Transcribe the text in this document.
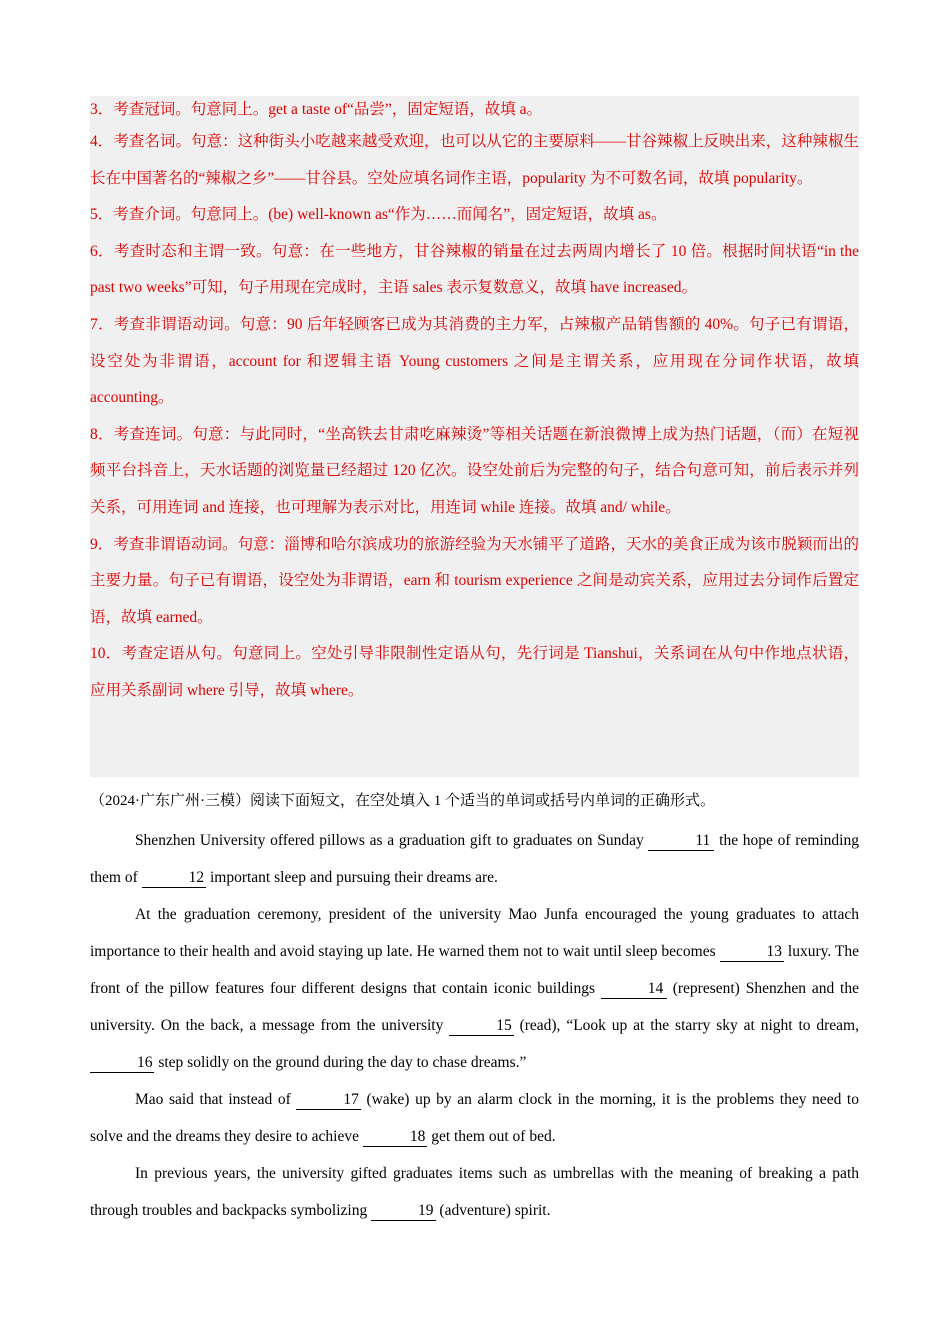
3．考查冠词。句意同上。get a taste of“品尝”，固定短语，故填 a。

4．考查名词。句意：这种街头小吃越来越受欢迎，也可以从它的主要原料——甘谷辣椒上反映出来，这种辣椒生长在中国著名的“辣椒之乡”——甘谷县。空处应填名词作主语，popularity 为不可数名词，故填 popularity。

5．考查介词。句意同上。(be) well-known as“作为……而闻名”，固定短语，故填 as。

6．考查时态和主谓一致。句意：在一些地方，甘谷辣椒的销量在过去两周内增长了 10 倍。根据时间状语“in the past two weeks”可知，句子用现在完成时，主语 sales 表示复数意义，故填 have increased。

7．考查非谓语动词。句意：90 后年轻顾客已成为其消费的主力军，占辣椒产品销售额的 40%。句子已有谓语，设空处为非谓语，account for 和逻辑主语 Young customers 之间是主谓关系，应用现在分词作状语，故填 accounting。

8．考查连词。句意：与此同时，“坐高铁去甘肃吃麻辣烫”等相关话题在新浪微博上成为热门话题，（而）在短视频平台抖音上，天水话题的浏览量已经超过 120 亿次。设空处前后为完整的句子，结合句意可知，前后表示并列关系，可用连词 and 连接，也可理解为表示对比，用连词 while 连接。故填 and/ while。

9．考查非谓语动词。句意：淄博和哈尔滨成功的旅游经验为天水铺平了道路，天水的美食正成为该市脱颖而出的主要力量。句子已有谓语，设空处为非谓语，earn 和 tourism experience 之间是动宾关系，应用过去分词作后置定语，故填 earned。

10．考查定语从句。句意同上。空处引导非限制性定语从句，先行词是 Tianshui，关系词在从句中作地点状语，应用关系副词 where 引导，故填 where。

（2024·广东广州·三模）阅读下面短文，在空处填入 1 个适当的单词或括号内单词的正确形式。

Shenzhen University offered pillows as a graduation gift to graduates on Sunday	11 the hope of reminding them of	12 important sleep and pursuing their dreams are.

At the graduation ceremony, president of the university Mao Junfa encouraged the young graduates to attach importance to their health and avoid staying up late. He warned them not to wait until sleep becomes	13 luxury. The front of the pillow features four different designs that contain iconic buildings	14 (represent) Shenzhen and the university. On the back, a message from the university	15 (read), “Look up at the starry sky at night to dream, 16 step solidly on the ground during the day to chase dreams.”

Mao said that instead of	17 (wake) up by an alarm clock in the morning, it is the problems they need to solve and the dreams they desire to achieve	18 get them out of bed.

In previous years, the university gifted graduates items such as umbrellas with the meaning of breaking a path through troubles and backpacks symbolizing	19 (adventure) spirit.
